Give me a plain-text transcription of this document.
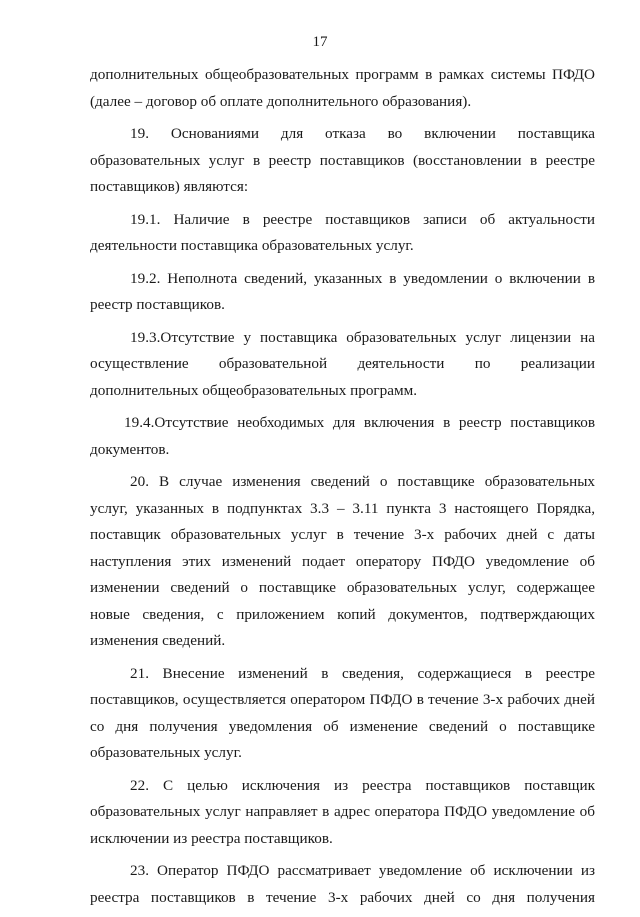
17
дополнительных общеобразовательных программ в рамках системы ПФДО
(далее – договор об оплате дополнительного образования).
19. Основаниями для отказа во включении поставщика
образовательных услуг в реестр поставщиков (восстановлении в реестре
поставщиков) являются:
19.1. Наличие в реестре поставщиков записи об актуальности
деятельности поставщика образовательных услуг.
19.2. Неполнота сведений, указанных в уведомлении о включении в
реестр поставщиков.
19.3.Отсутствие у поставщика образовательных услуг лицензии на
осуществление образовательной деятельности по реализации
дополнительных общеобразовательных программ.
19.4.Отсутствие необходимых для включения в реестр поставщиков
документов.
20. В случае изменения сведений о поставщике образовательных
услуг, указанных в подпунктах 3.3 – 3.11 пункта 3 настоящего Порядка,
поставщик образовательных услуг в течение 3-х рабочих дней с даты
наступления этих изменений подает оператору ПФДО уведомление об
изменении сведений о поставщике образовательных услуг, содержащее
новые сведения, с приложением копий документов, подтверждающих
изменения сведений.
21. Внесение изменений в сведения, содержащиеся в реестре
поставщиков, осуществляется оператором ПФДО в течение 3-х рабочих дней
со дня получения уведомления об изменение сведений о поставщике
образовательных услуг.
22. С целью исключения из реестра поставщиков поставщик
образовательных услуг направляет в адрес оператора ПФДО уведомление об
исключении из реестра поставщиков.
23. Оператор ПФДО рассматривает уведомление об исключении из
реестра поставщиков в течение 3-х рабочих дней со дня получения
